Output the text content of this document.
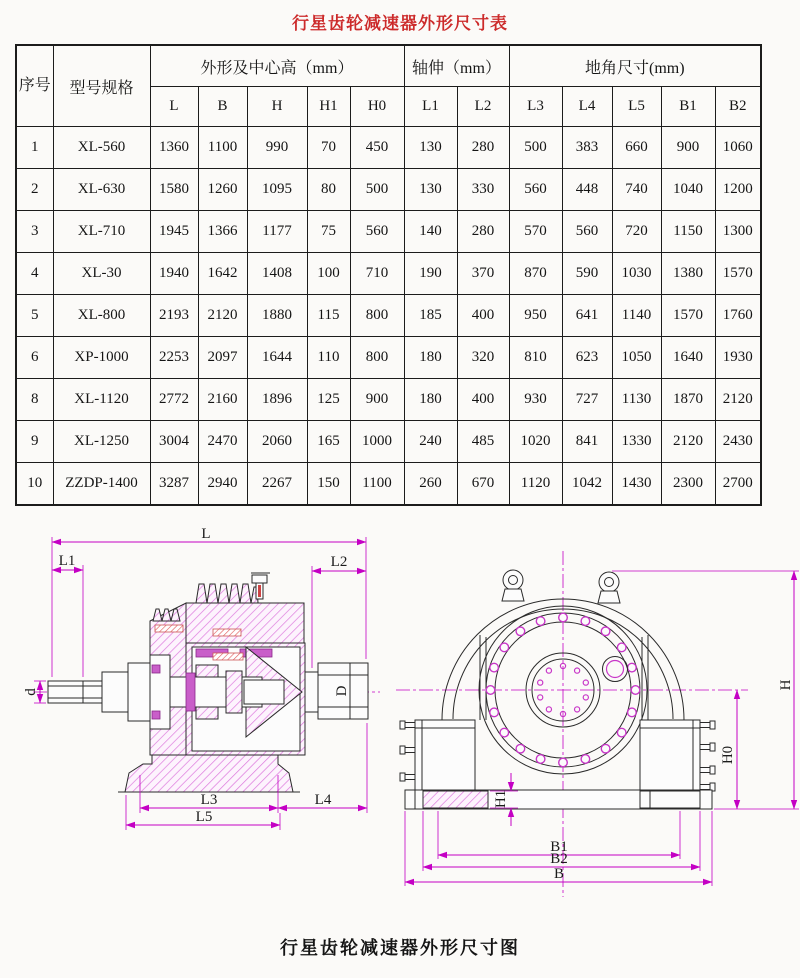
行星齿轮减速器外形尺寸表
序号	型号规格	外形及中心高（mm）					轴伸（mm）		地角尺寸(mm)				
		L	B	H	H1	H0	L1	L2	L3	L4	L5	B1	B2
1	XL-560	1360	1100	990	70	450	130	280	500	383	660	900	1060
2	XL-630	1580	1260	1095	80	500	130	330	560	448	740	1040	1200
3	XL-710	1945	1366	1177	75	560	140	280	570	560	720	1150	1300
4	XL-30	1940	1642	1408	100	710	190	370	870	590	1030	1380	1570
5	XL-800	2193	2120	1880	115	800	185	400	950	641	1140	1570	1760
6	XP-1000	2253	2097	1644	110	800	180	320	810	623	1050	1640	1930
8	XL-1120	2772	2160	1896	125	900	180	400	930	727	1130	1870	2120
9	XL-1250	3004	2470	2060	165	1000	240	485	1020	841	1330	2120	2430
10	ZZDP-1400	3287	2940	2267	150	1100	260	670	1120	1042	1430	2300	2700
L
L1	L2
d	D
L3	L4
L5
H
H0
H1
B1
B2
B
行星齿轮减速器外形尺寸图
